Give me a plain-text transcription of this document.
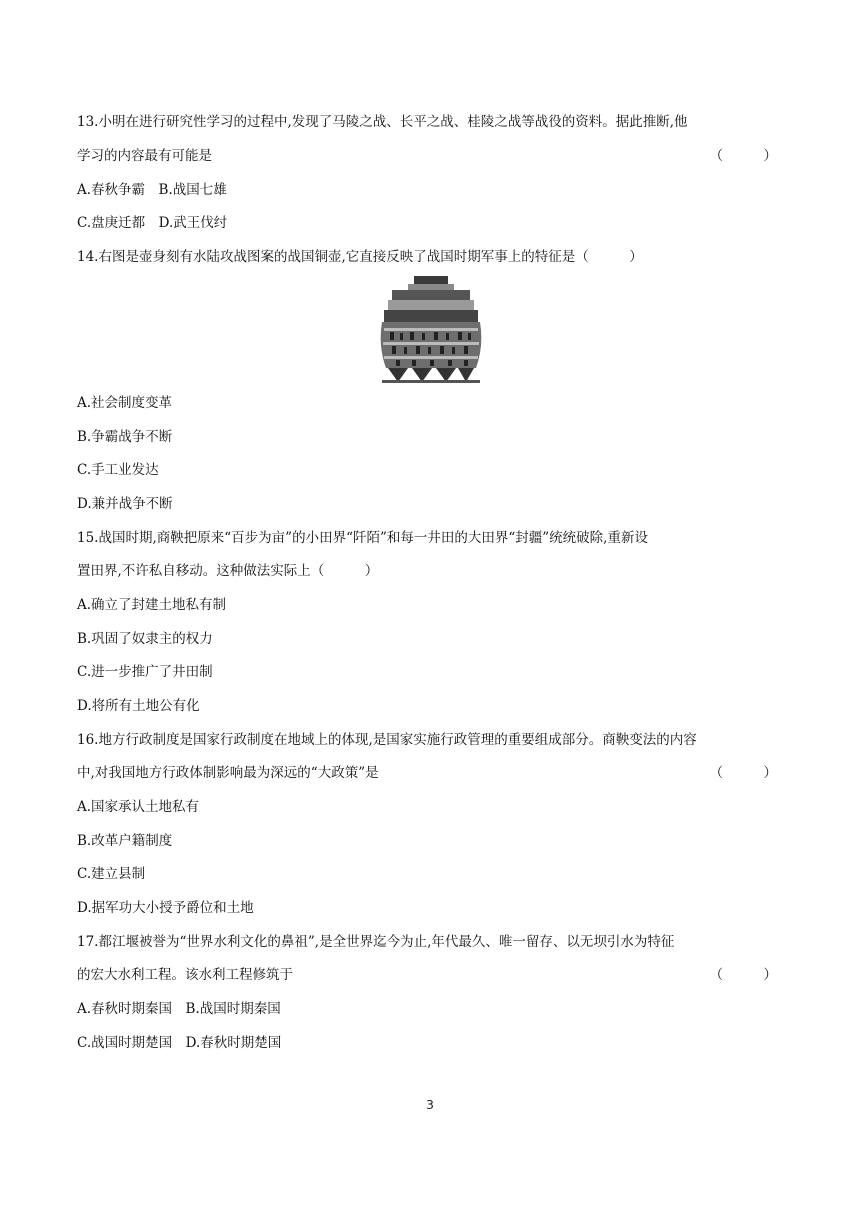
13.小明在进行研究性学习的过程中,发现了马陵之战、长平之战、桂陵之战等战役的资料。据此推断,他
学习的内容最有可能是	（　　　）
A.春秋争霸　B.战国七雄
C.盘庚迁都　D.武王伐纣
14.右图是壶身刻有水陆攻战图案的战国铜壶,它直接反映了战国时期军事上的特征是（　　　）
A.社会制度变革
B.争霸战争不断
C.手工业发达
D.兼并战争不断
15.战国时期,商鞅把原来“百步为亩”的小田界“阡陌”和每一井田的大田界“封疆”统统破除,重新设
置田界,不许私自移动。这种做法实际上（　　　）
A.确立了封建土地私有制
B.巩固了奴隶主的权力
C.进一步推广了井田制
D.将所有土地公有化
16.地方行政制度是国家行政制度在地域上的体现,是国家实施行政管理的重要组成部分。商鞅变法的内容
中,对我国地方行政体制影响最为深远的“大政策”是	（　　　）
A.国家承认土地私有
B.改革户籍制度
C.建立县制
D.据军功大小授予爵位和土地
17.都江堰被誉为“世界水利文化的鼻祖”,是全世界迄今为止,年代最久、唯一留存、以无坝引水为特征
的宏大水利工程。该水利工程修筑于	（　　　）
A.春秋时期秦国　B.战国时期秦国
C.战国时期楚国　D.春秋时期楚国
3
